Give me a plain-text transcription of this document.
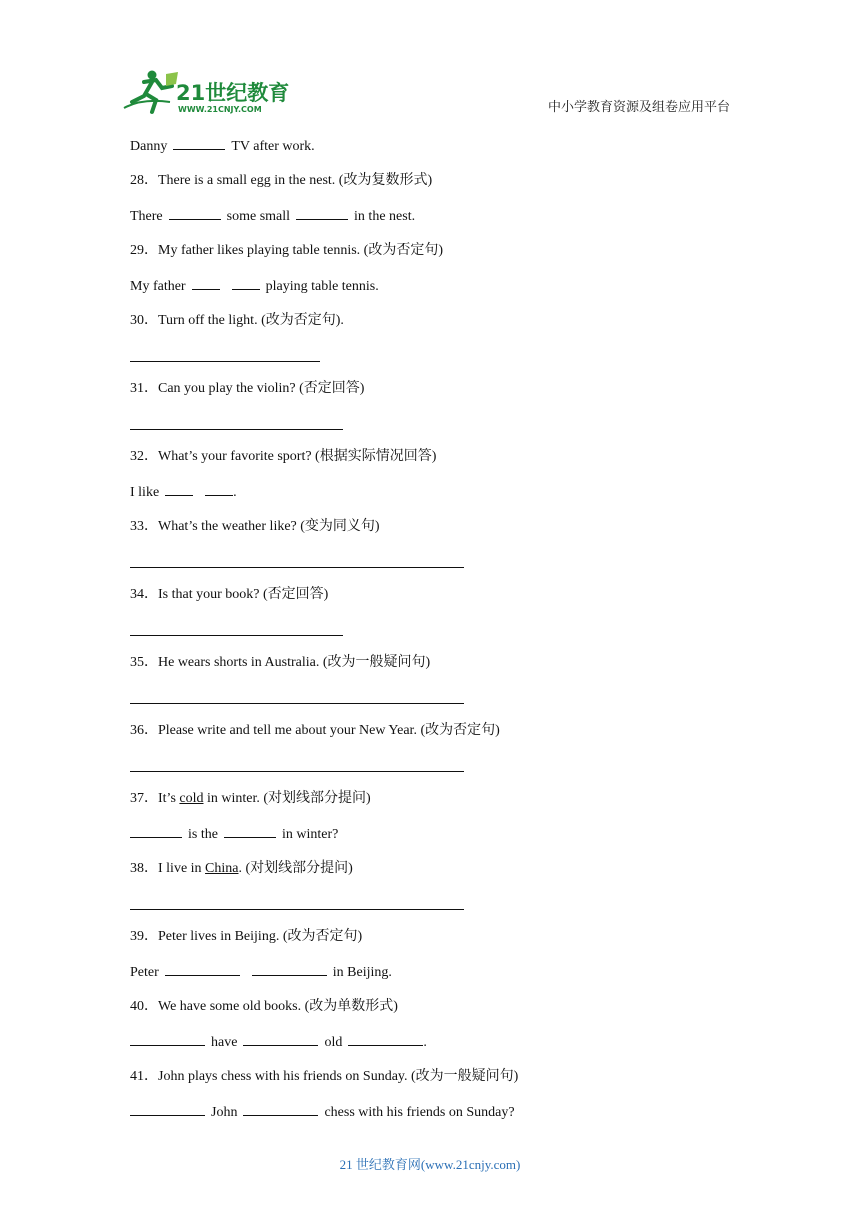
21世纪教育
WWW.21CNJY.COM	中小学教育资源及组卷应用平台
Danny	TV after work.
28．There is a small egg in the nest. (改为复数形式)
There	some small	in the nest.
29．My father likes playing table tennis. (改为否定句)
My father	playing table tennis.
30．Turn off the light. (改为否定句).
31．Can you play the violin? (否定回答)
32．What’s your favorite sport? (根据实际情况回答)
I like	.
33．What’s the weather like? (变为同义句)
34．Is that your book? (否定回答)
35．He wears shorts in Australia. (改为一般疑问句)
36．Please write and tell me about your New Year. (改为否定句)
37．It’s cold in winter. (对划线部分提问)
is the	in winter?
38．I live in China. (对划线部分提问)
39．Peter lives in Beijing. (改为否定句)
Peter	in Beijing.
40．We have some old books. (改为单数形式)
have	old	.
41．John plays chess with his friends on Sunday. (改为一般疑问句)
John	chess with his friends on Sunday?
21 世纪教育网(www.21cnjy.com)
